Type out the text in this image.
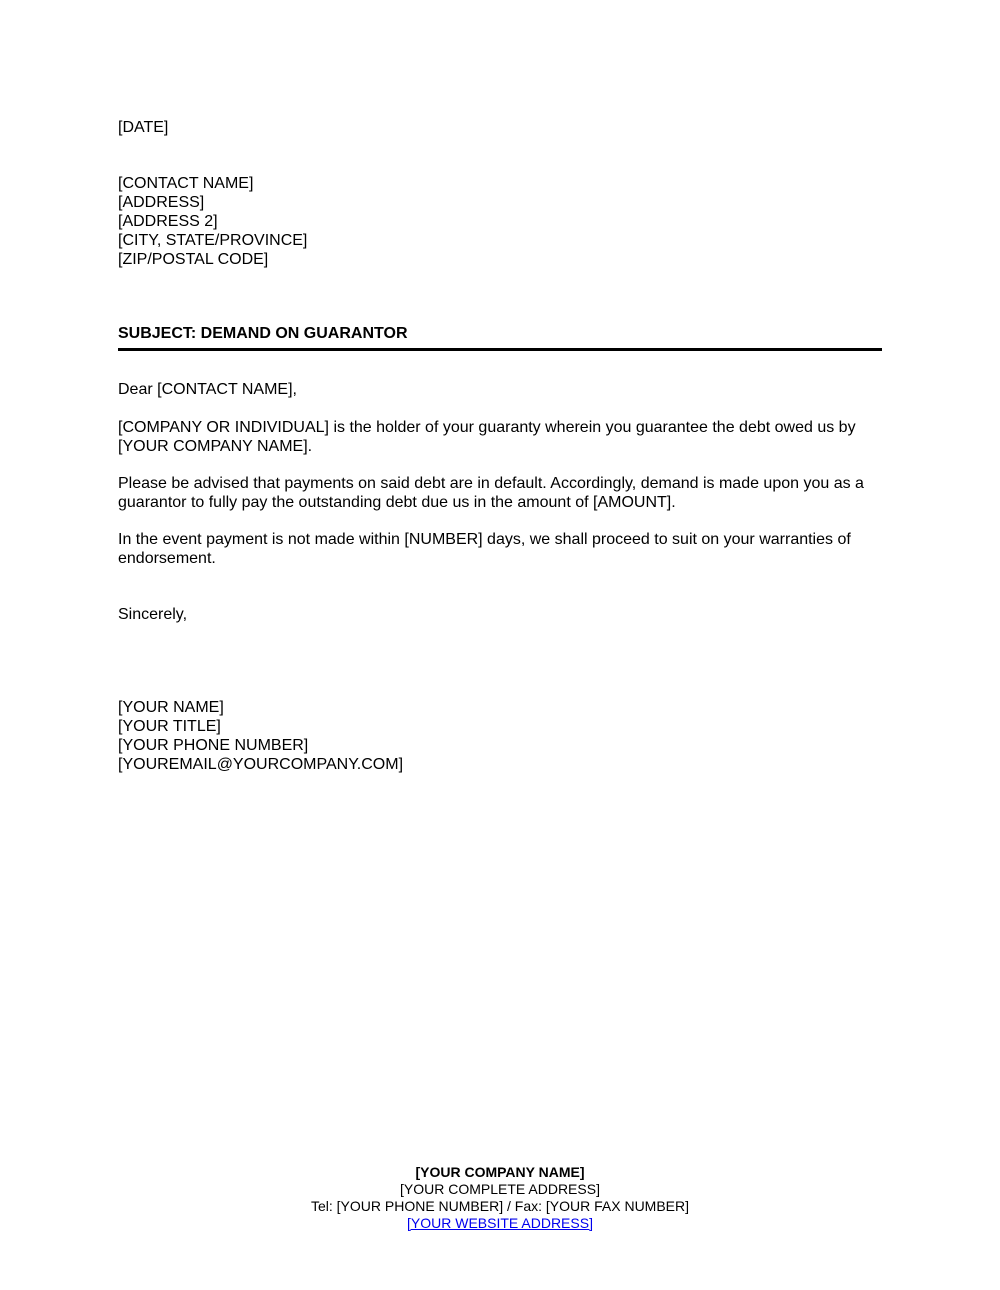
[DATE]
[CONTACT NAME]
[ADDRESS]
[ADDRESS 2]
[CITY, STATE/PROVINCE]
[ZIP/POSTAL CODE]
SUBJECT: DEMAND ON GUARANTOR
Dear [CONTACT NAME],
[COMPANY OR INDIVIDUAL] is the holder of your guaranty wherein you guarantee the debt owed us by [YOUR COMPANY NAME].
Please be advised that payments on said debt are in default. Accordingly, demand is made upon you as a guarantor to fully pay the outstanding debt due us in the amount of [AMOUNT].
In the event payment is not made within [NUMBER] days, we shall proceed to suit on your warranties of endorsement.
Sincerely,
[YOUR NAME]
[YOUR TITLE]
[YOUR PHONE NUMBER]
[YOUREMAIL@YOURCOMPANY.COM]
[YOUR COMPANY NAME]
[YOUR COMPLETE ADDRESS]
Tel: [YOUR PHONE NUMBER] / Fax: [YOUR FAX NUMBER]
[YOUR WEBSITE ADDRESS]
